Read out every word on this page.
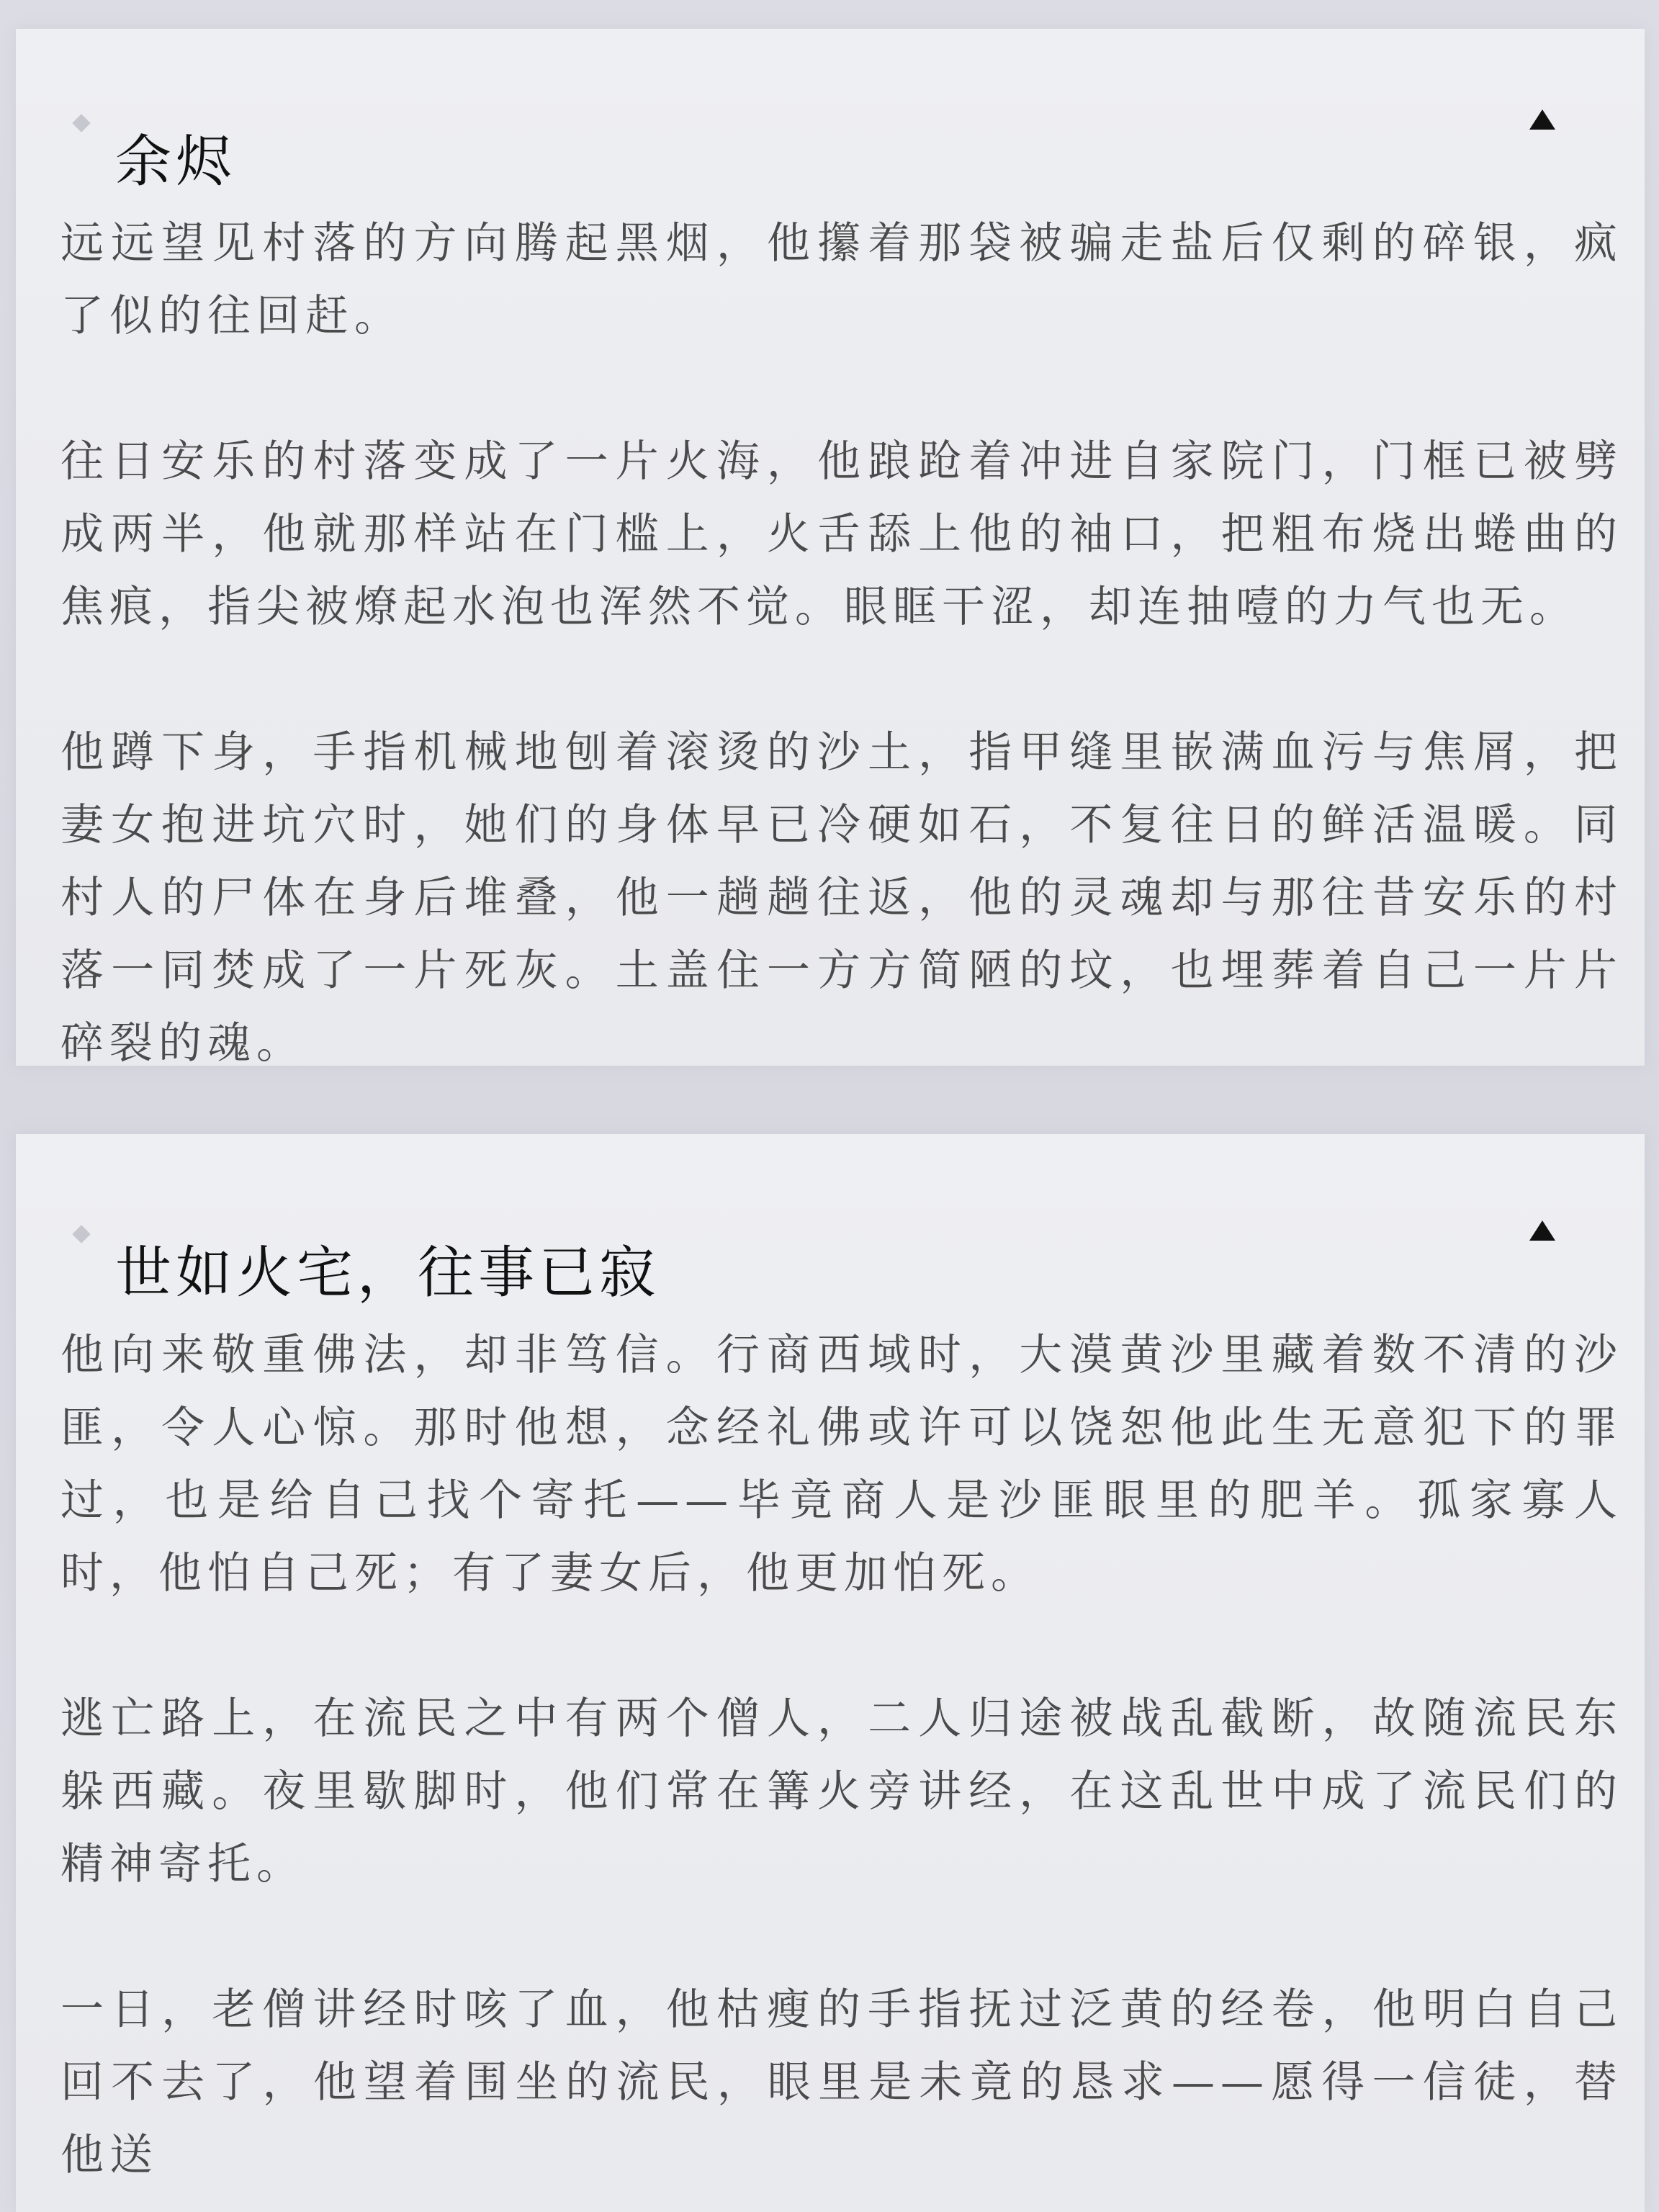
余烬

远远望见村落的方向腾起黑烟，他攥着那袋被骗走盐后仅剩的碎银，疯了似的往回赶。

往日安乐的村落变成了一片火海，他踉跄着冲进自家院门，门框已被劈成两半，他就那样站在门槛上，火舌舔上他的袖口，把粗布烧出蜷曲的焦痕，指尖被燎起水泡也浑然不觉。眼眶干涩，却连抽噎的力气也无。

他蹲下身，手指机械地刨着滚烫的沙土，指甲缝里嵌满血污与焦屑，把妻女抱进坑穴时，她们的身体早已冷硬如石，不复往日的鲜活温暖。同村人的尸体在身后堆叠，他一趟趟往返，他的灵魂却与那往昔安乐的村落一同焚成了一片死灰。土盖住一方方简陋的坟，也埋葬着自己一片片碎裂的魂。

世如火宅，往事已寂

他向来敬重佛法，却非笃信。行商西域时，大漠黄沙里藏着数不清的沙匪，令人心惊。那时他想，念经礼佛或许可以饶恕他此生无意犯下的罪过，也是给自己找个寄托——毕竟商人是沙匪眼里的肥羊。孤家寡人时，他怕自己死；有了妻女后，他更加怕死。

逃亡路上，在流民之中有两个僧人，二人归途被战乱截断，故随流民东躲西藏。夜里歇脚时，他们常在篝火旁讲经，在这乱世中成了流民们的精神寄托。

一日，老僧讲经时咳了血，他枯瘦的手指抚过泛黄的经卷，他明白自己回不去了，他望着围坐的流民，眼里是未竟的恳求——愿得一信徒，替他送
